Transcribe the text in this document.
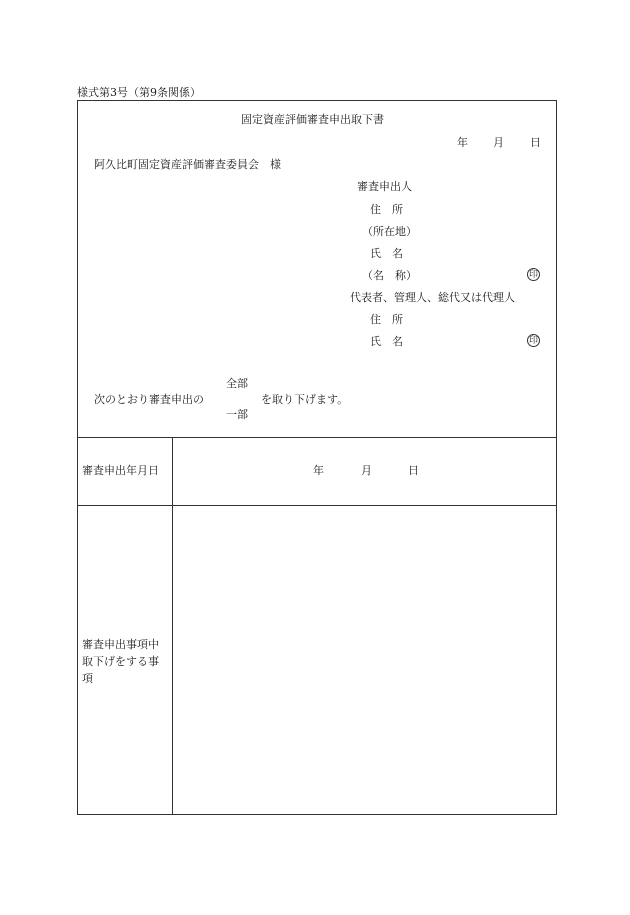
様式第3号（第9条関係）
固定資産評価審査申出取下書
年 月 日
阿久比町固定資産評価審査委員会　様
審査申出人
住　所
（所在地）
氏　名
（名　称）	印
代表者、管理人、総代又は代理人
住　所
氏　名	印
次のとおり審査申出の
全部
一部
を取り下げます。
審査申出年月日	年	月	日
審査申出事項中取下げをする事項
